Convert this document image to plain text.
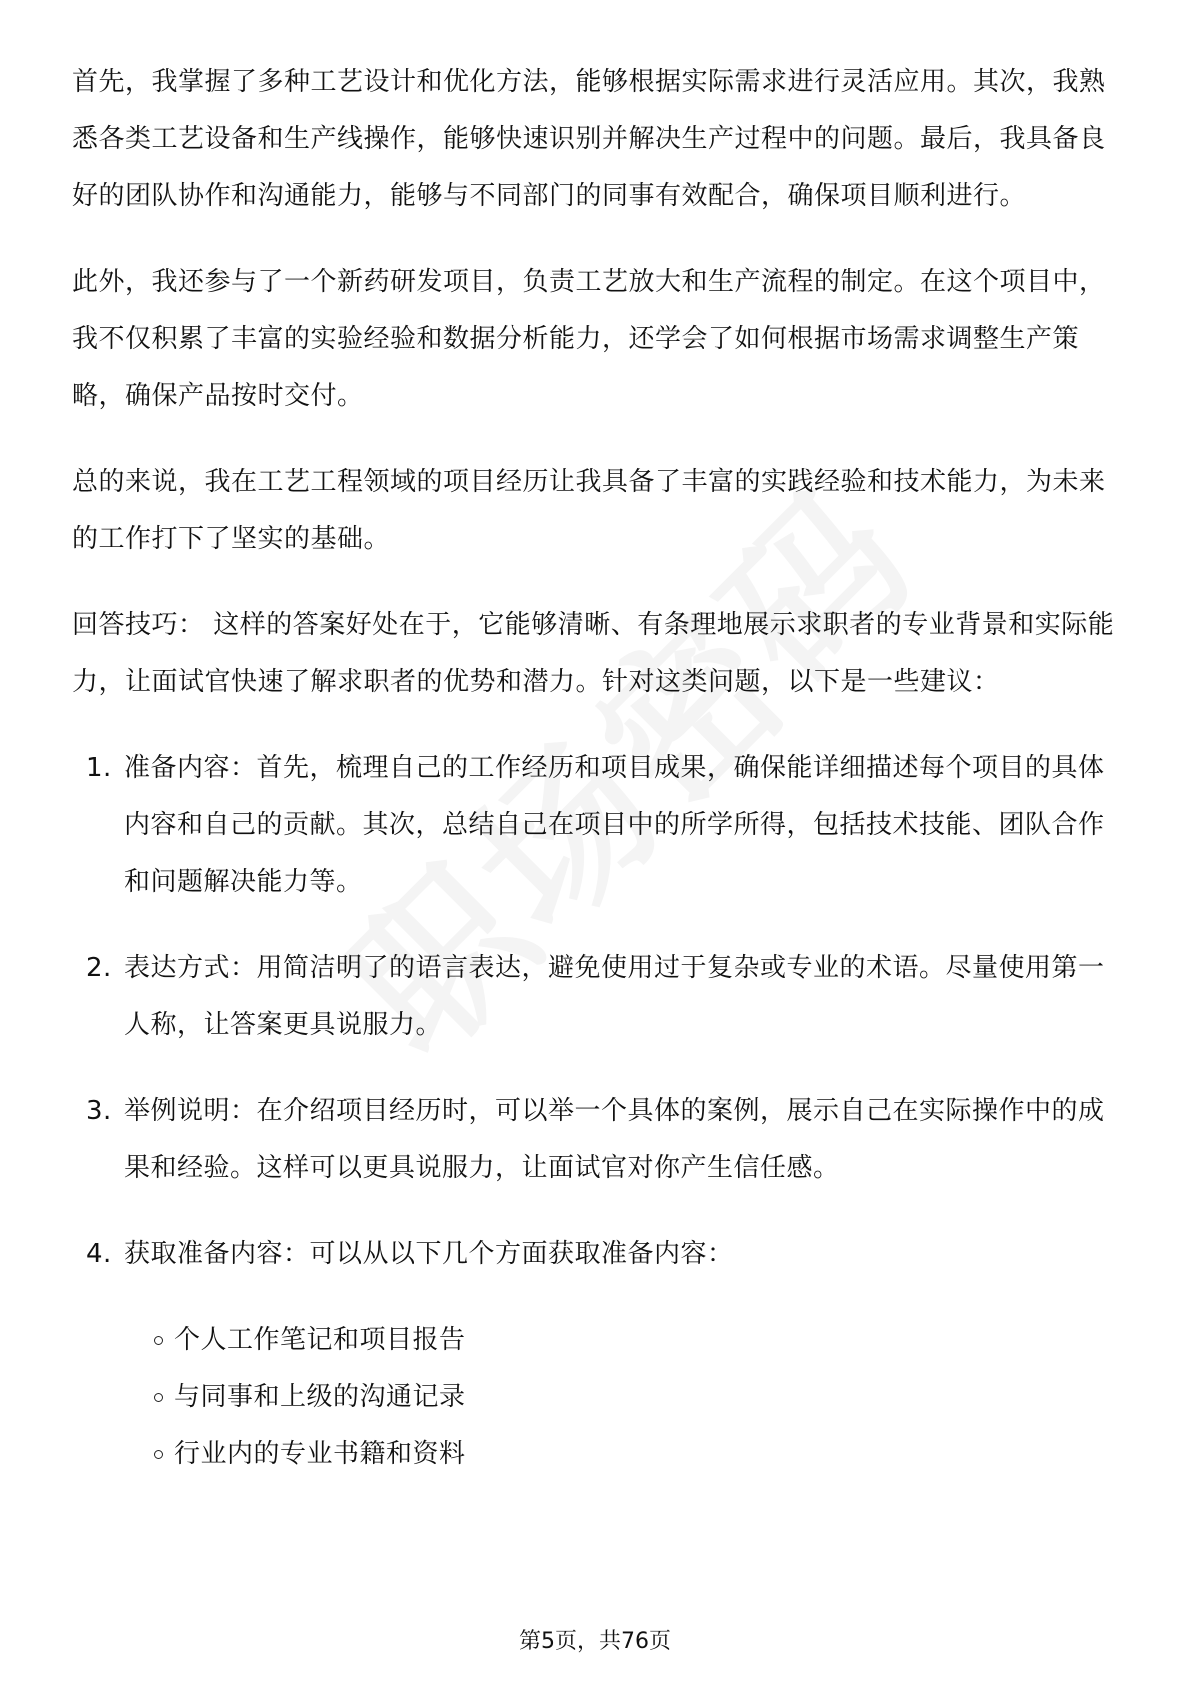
首先，我掌握了多种工艺设计和优化方法，能够根据实际需求进行灵活应用。其次，我熟悉各类工艺设备和生产线操作，能够快速识别并解决生产过程中的问题。最后，我具备良好的团队协作和沟通能力，能够与不同部门的同事有效配合，确保项目顺利进行。

此外，我还参与了一个新药研发项目，负责工艺放大和生产流程的制定。在这个项目中，我不仅积累了丰富的实验经验和数据分析能力，还学会了如何根据市场需求调整生产策略，确保产品按时交付。

总的来说，我在工艺工程领域的项目经历让我具备了丰富的实践经验和技术能力，为未来的工作打下了坚实的基础。

回答技巧： 这样的答案好处在于，它能够清晰、有条理地展示求职者的专业背景和实际能力，让面试官快速了解求职者的优势和潜力。针对这类问题，以下是一些建议：

1. 准备内容：首先，梳理自己的工作经历和项目成果，确保能详细描述每个项目的具体内容和自己的贡献。其次，总结自己在项目中的所学所得，包括技术技能、团队合作和问题解决能力等。
2. 表达方式：用简洁明了的语言表达，避免使用过于复杂或专业的术语。尽量使用第一人称，让答案更具说服力。
3. 举例说明：在介绍项目经历时，可以举一个具体的案例，展示自己在实际操作中的成果和经验。这样可以更具说服力，让面试官对你产生信任感。
4. 获取准备内容：可以从以下几个方面获取准备内容：
个人工作笔记和项目报告
与同事和上级的沟通记录
行业内的专业书籍和资料
第5页，共76页
